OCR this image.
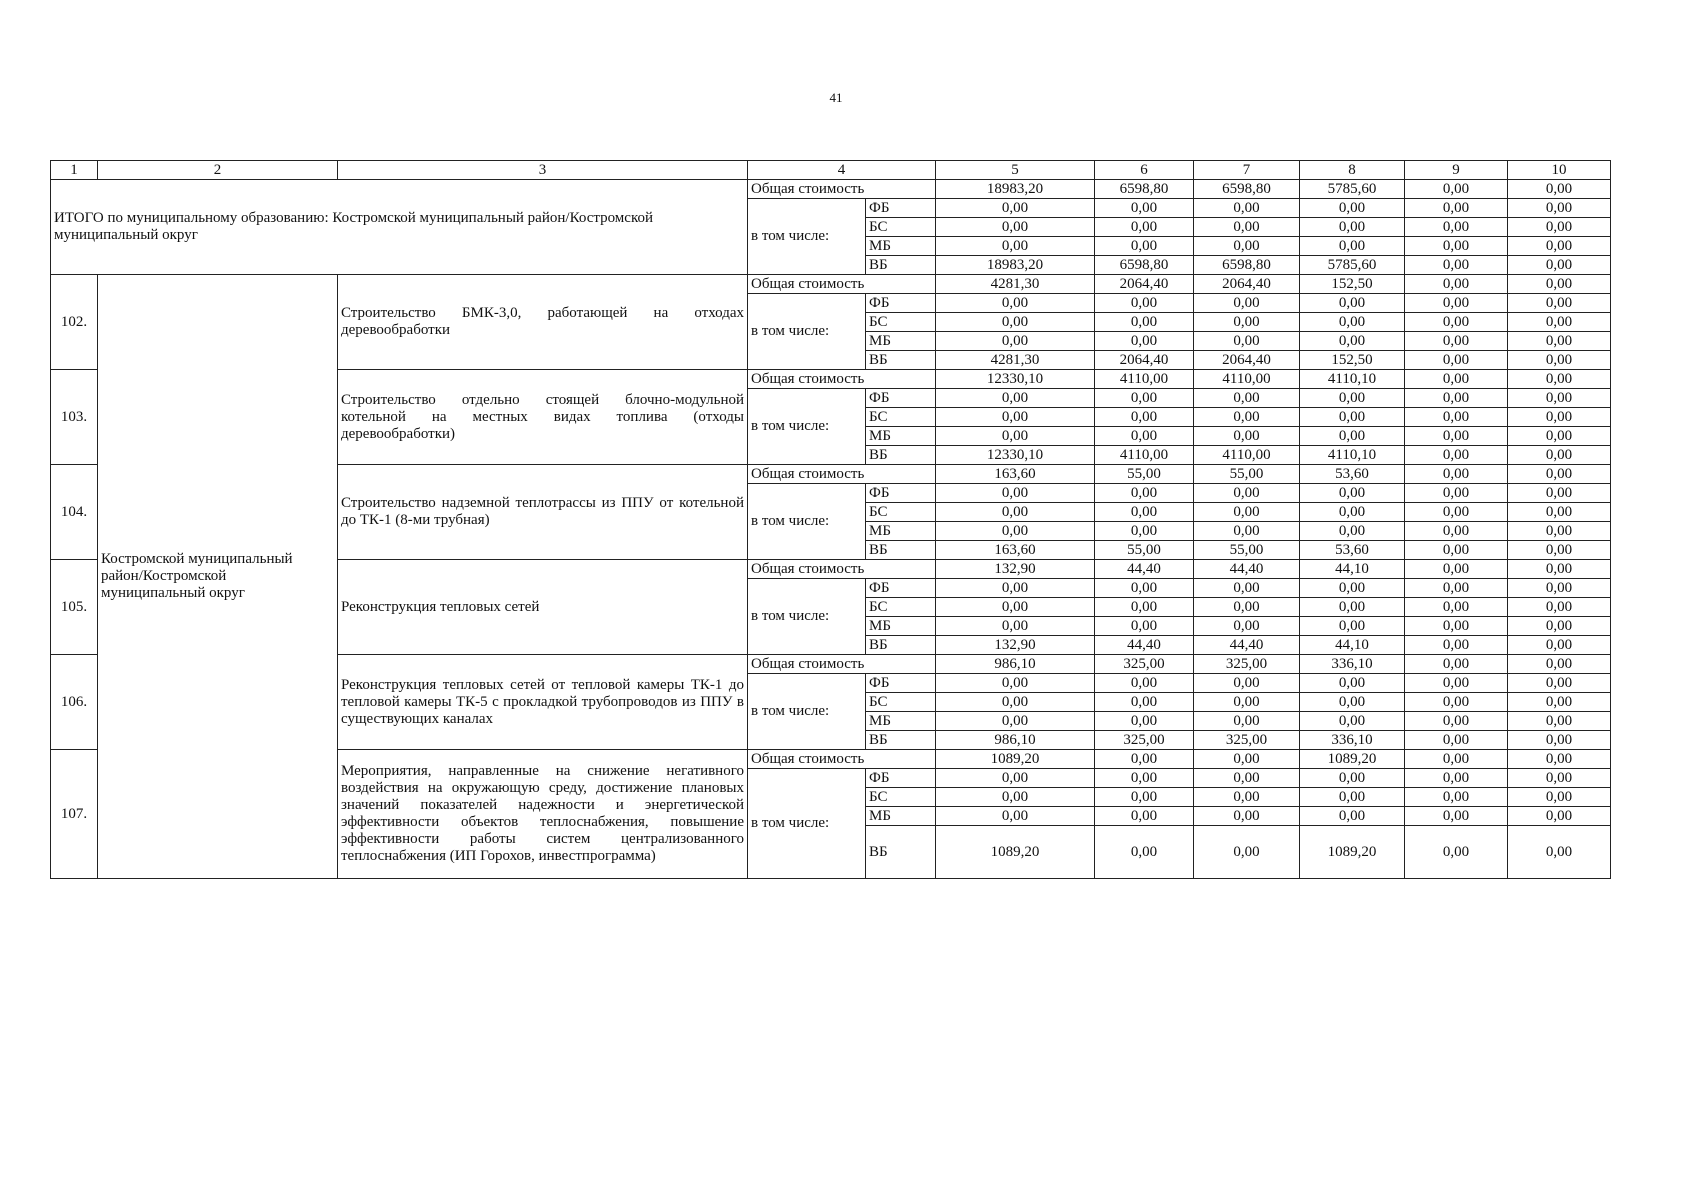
41
1	2	3	4		5	6	7	8	9	10
ИТОГО по муниципальному образованию: Костромской муниципальный район/Костромской муниципальный округ			Общая стоимость		18983,20	6598,80	6598,80	5785,60	0,00	0,00
			в том числе:	ФБ	0,00	0,00	0,00	0,00	0,00	0,00
				БС	0,00	0,00	0,00	0,00	0,00	0,00
				МБ	0,00	0,00	0,00	0,00	0,00	0,00
				ВБ	18983,20	6598,80	6598,80	5785,60	0,00	0,00
102.	Костромской муниципальный район/Костромской муниципальный округ	Строительство БМК-3,0, работающей на отходах деревообработки	Общая стоимость		4281,30	2064,40	2064,40	152,50	0,00	0,00
			в том числе:	ФБ	0,00	0,00	0,00	0,00	0,00	0,00
				БС	0,00	0,00	0,00	0,00	0,00	0,00
				МБ	0,00	0,00	0,00	0,00	0,00	0,00
				ВБ	4281,30	2064,40	2064,40	152,50	0,00	0,00
103.		Строительство отдельно стоящей блочно-модульной котельной на местных видах топлива (отходы деревообработки)	Общая стоимость		12330,10	4110,00	4110,00	4110,10	0,00	0,00
			в том числе:	ФБ	0,00	0,00	0,00	0,00	0,00	0,00
				БС	0,00	0,00	0,00	0,00	0,00	0,00
				МБ	0,00	0,00	0,00	0,00	0,00	0,00
				ВБ	12330,10	4110,00	4110,00	4110,10	0,00	0,00
104.		Строительство надземной теплотрассы из ППУ от котельной до ТК-1 (8-ми трубная)	Общая стоимость		163,60	55,00	55,00	53,60	0,00	0,00
			в том числе:	ФБ	0,00	0,00	0,00	0,00	0,00	0,00
				БС	0,00	0,00	0,00	0,00	0,00	0,00
				МБ	0,00	0,00	0,00	0,00	0,00	0,00
				ВБ	163,60	55,00	55,00	53,60	0,00	0,00
105.		Реконструкция тепловых сетей	Общая стоимость		132,90	44,40	44,40	44,10	0,00	0,00
			в том числе:	ФБ	0,00	0,00	0,00	0,00	0,00	0,00
				БС	0,00	0,00	0,00	0,00	0,00	0,00
				МБ	0,00	0,00	0,00	0,00	0,00	0,00
				ВБ	132,90	44,40	44,40	44,10	0,00	0,00
106.		Реконструкция тепловых сетей от тепловой камеры ТК-1 до тепловой камеры ТК-5 с прокладкой трубопроводов из ППУ в существующих каналах	Общая стоимость		986,10	325,00	325,00	336,10	0,00	0,00
			в том числе:	ФБ	0,00	0,00	0,00	0,00	0,00	0,00
				БС	0,00	0,00	0,00	0,00	0,00	0,00
				МБ	0,00	0,00	0,00	0,00	0,00	0,00
				ВБ	986,10	325,00	325,00	336,10	0,00	0,00
107.		Мероприятия, направленные на снижение негативного воздействия на окружающую среду, достижение плановых значений показателей надежности и энергетической эффективности объектов теплоснабжения, повышение эффективности работы систем централизованного теплоснабжения (ИП Горохов, инвестпрограмма)	Общая стоимость		1089,20	0,00	0,00	1089,20	0,00	0,00
			в том числе:	ФБ	0,00	0,00	0,00	0,00	0,00	0,00
				БС	0,00	0,00	0,00	0,00	0,00	0,00
				МБ	0,00	0,00	0,00	0,00	0,00	0,00
				ВБ	1089,20	0,00	0,00	1089,20	0,00	0,00
